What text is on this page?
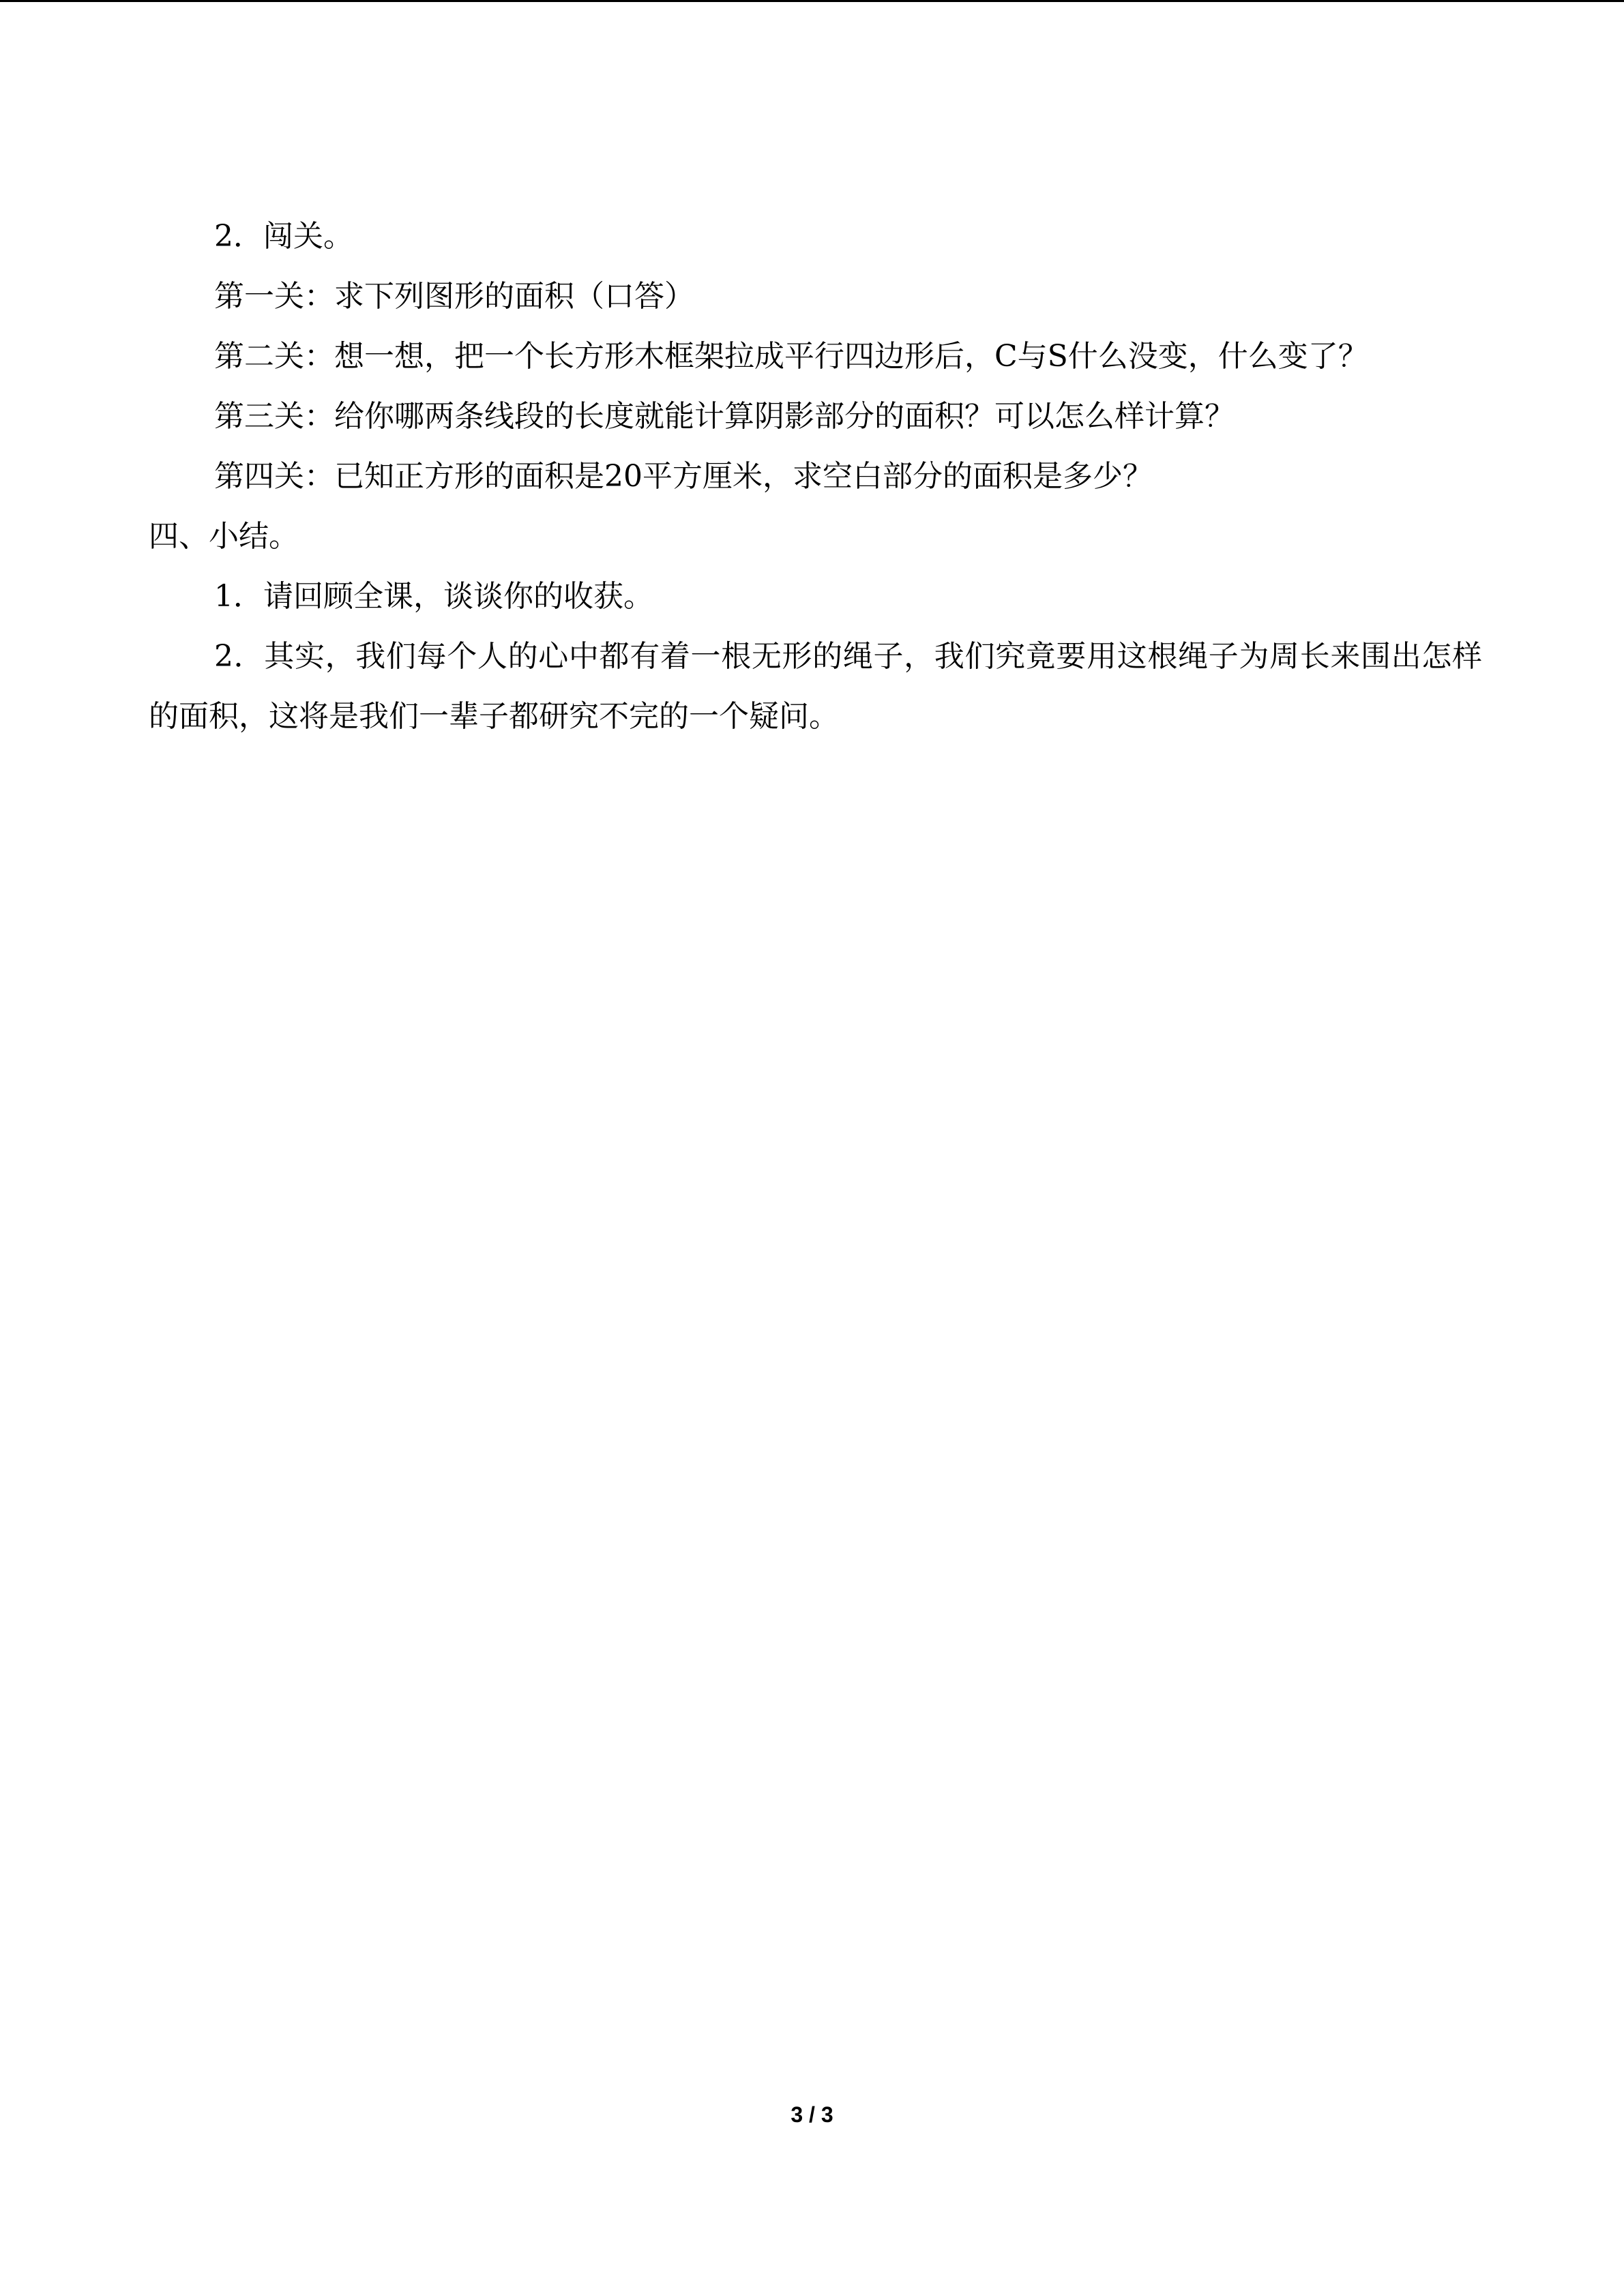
2．闯关。

第一关：求下列图形的面积（口答）

第二关：想一想，把一个长方形木框架拉成平行四边形后，C与S什么没变，什么变了？

第三关：给你哪两条线段的长度就能计算阴影部分的面积？可以怎么样计算？

第四关：已知正方形的面积是20平方厘米，求空白部分的面积是多少？

四、小结。

1．请回顾全课，谈谈你的收获。

2．其实，我们每个人的心中都有着一根无形的绳子，我们究竟要用这根绳子为周长来围出怎样的面积，这将是我们一辈子都研究不完的一个疑问。

3 / 3
